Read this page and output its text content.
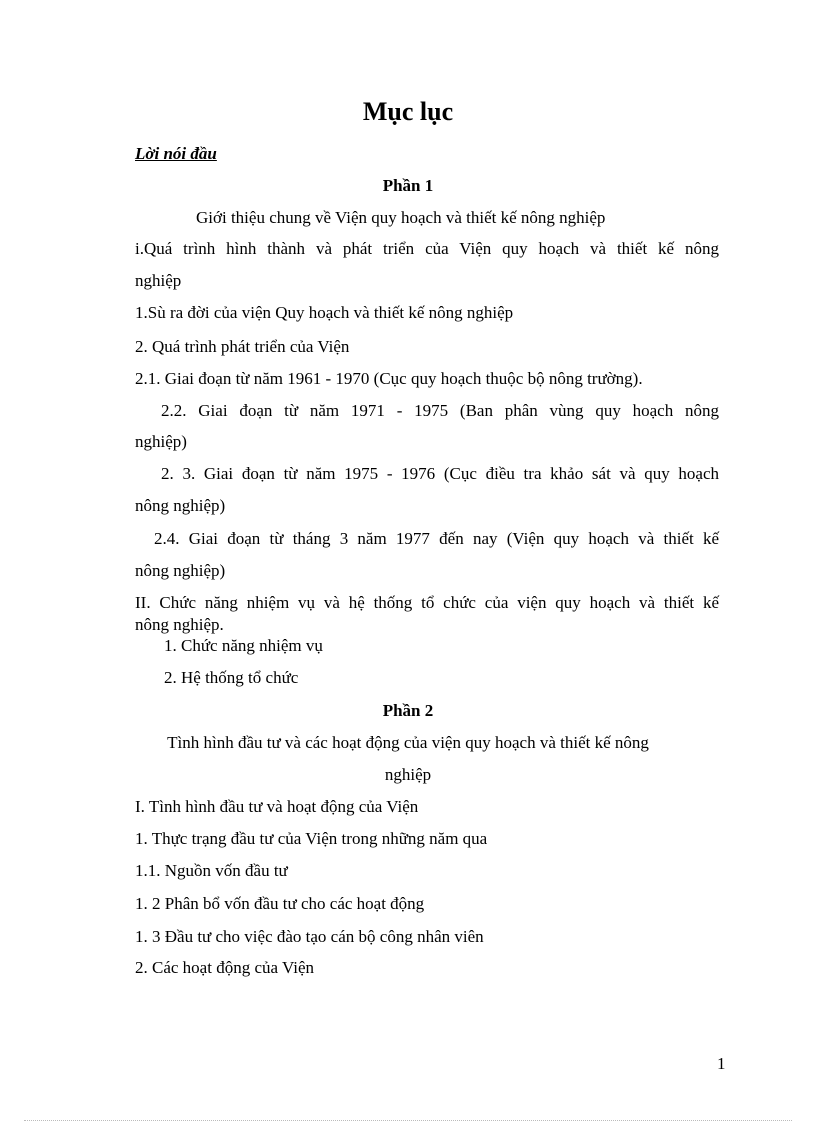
Mục lục
Lời nói đầu
Phần 1
Giới thiệu chung về Viện quy hoạch và thiết kế nông nghiệp
i.Quá trình hình thành và phát triển của Viện quy hoạch và thiết kế nông
nghiệp
1.Sù ra đời của viện Quy hoạch và thiết kế nông nghiệp
2. Quá trình phát triển của Viện
2.1. Giai đoạn từ năm 1961 - 1970 (Cục quy hoạch thuộc bộ nông trường).
2.2. Giai đoạn từ năm 1971 - 1975 (Ban phân vùng quy hoạch nông
nghiệp)
2. 3. Giai đoạn từ năm 1975 - 1976 (Cục điều tra khảo sát và quy hoạch
nông nghiệp)
2.4. Giai đoạn từ tháng 3 năm 1977 đến nay (Viện quy hoạch và thiết kế
nông nghiệp)
II. Chức năng nhiệm vụ và hệ thống tổ chức của viện quy hoạch và thiết kế
nông nghiệp.
1. Chức năng nhiệm vụ
2. Hệ thống tổ chức
Phần 2
Tình hình đầu tư và các hoạt động của viện quy hoạch và thiết kế nông
nghiệp
I. Tình hình đầu tư và hoạt động của Viện
1. Thực trạng đầu tư của Viện trong những năm qua
1.1. Nguồn vốn đầu tư
1. 2 Phân bổ vốn đầu tư cho các hoạt động
1. 3 Đầu tư cho việc đào tạo cán bộ công nhân viên
2. Các hoạt động của Viện
1
